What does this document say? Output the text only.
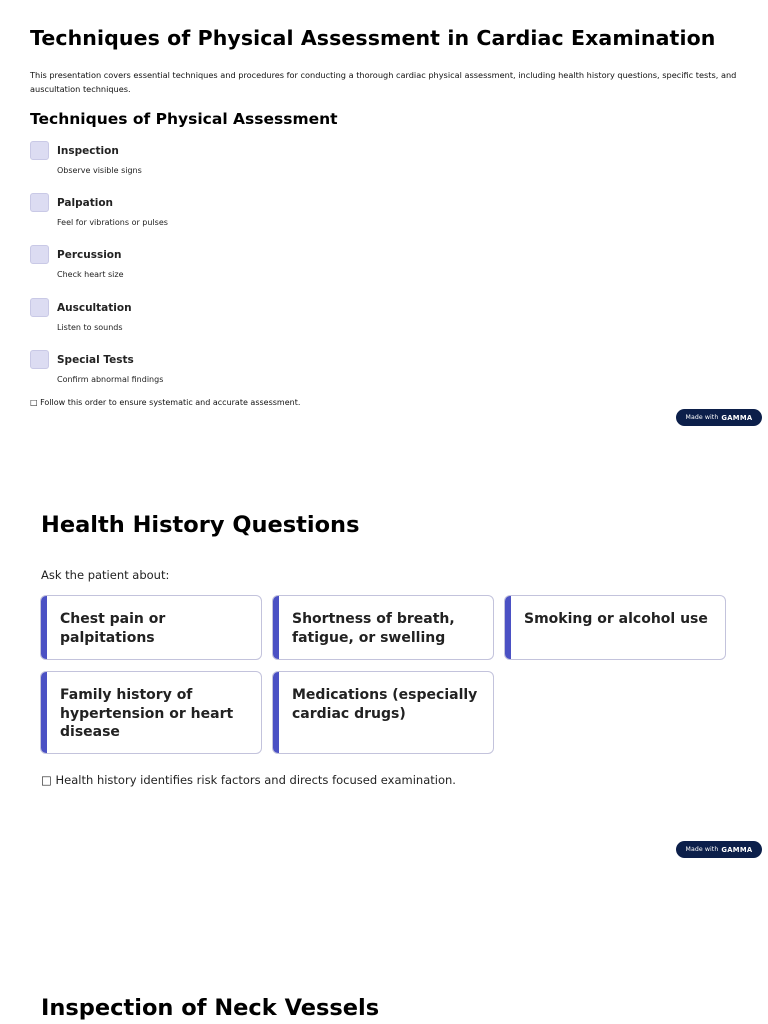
Techniques of Physical Assessment in Cardiac Examination

This presentation covers essential techniques and procedures for conducting a thorough cardiac physical assessment, including health history questions, specific tests, and auscultation techniques.

Techniques of Physical Assessment
Inspection
Observe visible signs
Palpation
Feel for vibrations or pulses
Percussion
Check heart size
Auscultation
Listen to sounds
Special Tests
Confirm abnormal findings
□ Follow this order to ensure systematic and accurate assessment.
Made with GAMMA
Health History Questions

Ask the patient about:

Chest pain or palpitations
Shortness of breath, fatigue, or swelling
Smoking or alcohol use
Family history of hypertension or heart disease
Medications (especially cardiac drugs)
□ Health history identifies risk factors and directs focused examination.
Made with GAMMA
Inspection of Neck Vessels
